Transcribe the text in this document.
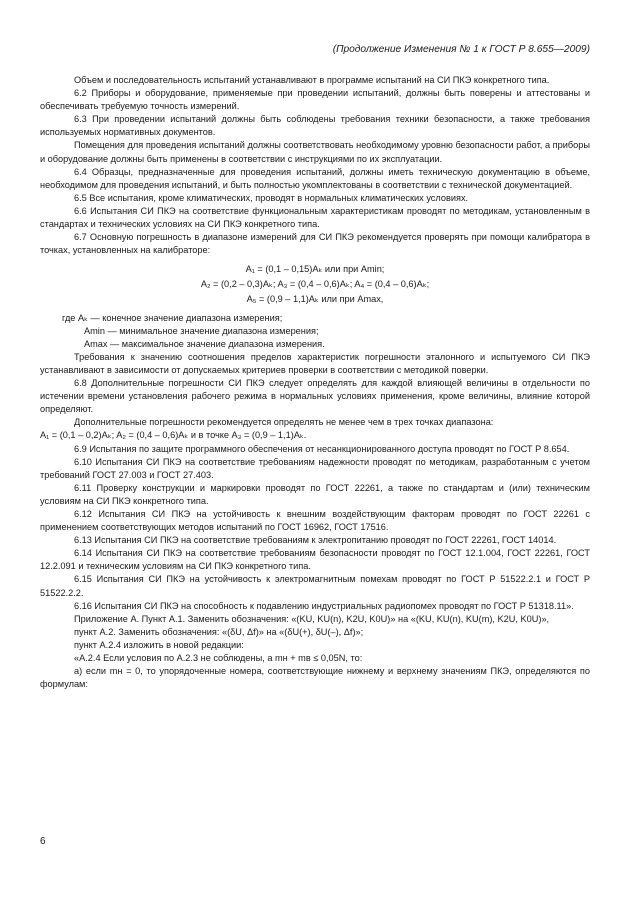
(Продолжение Изменения № 1 к ГОСТ Р 8.655—2009)

Объем и последовательность испытаний устанавливают в программе испытаний на СИ ПКЭ конкретного типа.

6.2 Приборы и оборудование, применяемые при проведении испытаний, должны быть поверены и аттестованы и обеспечивать требуемую точность измерений.

6.3 При проведении испытаний должны быть соблюдены требования техники безопасности, а также требования используемых нормативных документов.

Помещения для проведения испытаний должны соответствовать необходимому уровню безопасности работ, а приборы и оборудование должны быть применены в соответствии с инструкциями по их эксплуатации.

6.4 Образцы, предназначенные для проведения испытаний, должны иметь техническую документацию в объеме, необходимом для проведения испытаний, и быть полностью укомплектованы в соответствии с технической документацией.

6.5 Все испытания, кроме климатических, проводят в нормальных климатических условиях.

6.6 Испытания СИ ПКЭ на соответствие функциональным характеристикам проводят по методикам, установленным в стандартах и технических условиях на СИ ПКЭ конкретного типа.

6.7 Основную погрешность в диапазоне измерений для СИ ПКЭ рекомендуется проверять при помощи калибратора в точках, установленных на калибраторе:

A₁ = (0,1 – 0,15)Aₖ или при Amin;

A₂ = (0,2 – 0,3)Aₖ; A₃ = (0,4 – 0,6)Aₖ; A₄ = (0,4 – 0,6)Aₖ;

A₅ = (0,9 – 1,1)Aₖ или при Amax,

где Aₖ — конечное значение диапазона измерения;

Amin — минимальное значение диапазона измерения;

Amax — максимальное значение диапазона измерения.

Требования к значению соотношения пределов характеристик погрешности эталонного и испытуемого СИ ПКЭ устанавливают в зависимости от допускаемых критериев проверки в соответствии с методикой поверки.

6.8 Дополнительные погрешности СИ ПКЭ следует определять для каждой влияющей величины в отдельности по истечении времени установления рабочего режима в нормальных условиях применения, кроме величины, влияние которой определяют.

Дополнительные погрешности рекомендуется определять не менее чем в трех точках диапазона:

A₁ = (0,1 – 0,2)Aₖ; A₂ = (0,4 – 0,6)Aₖ и в точке A₃ = (0,9 – 1,1)Aₖ.

6.9 Испытания по защите программного обеспечения от несанкционированного доступа проводят по ГОСТ Р 8.654.

6.10 Испытания СИ ПКЭ на соответствие требованиям надежности проводят по методикам, разработанным с учетом требований ГОСТ 27.003 и ГОСТ 27.403.

6.11 Проверку конструкции и маркировки проводят по ГОСТ 22261, а также по стандартам и (или) техническим условиям на СИ ПКЭ конкретного типа.

6.12 Испытания СИ ПКЭ на устойчивость к внешним воздействующим факторам проводят по ГОСТ 22261 с применением соответствующих методов испытаний по ГОСТ 16962, ГОСТ 17516.

6.13 Испытания СИ ПКЭ на соответствие требованиям к электропитанию проводят по ГОСТ 22261, ГОСТ 14014.

6.14 Испытания СИ ПКЭ на соответствие требованиям безопасности проводят по ГОСТ 12.1.004, ГОСТ 22261, ГОСТ 12.2.091 и техническим условиям на СИ ПКЭ конкретного типа.

6.15 Испытания СИ ПКЭ на устойчивость к электромагнитным помехам проводят по ГОСТ Р 51522.2.1 и ГОСТ Р 51522.2.2.

6.16 Испытания СИ ПКЭ на способность к подавлению индустриальных радиопомех проводят по ГОСТ Р 51318.11».

Приложение А. Пункт А.1. Заменить обозначения: «(KU, KU(n), K2U, K0U)» на «(KU, KU(n), KU(m), K2U, K0U)»,

пункт А.2. Заменить обозначения: «(δU, Δf)» на «(δU(+), δU(–), Δf)»;

пункт А.2.4 изложить в новой редакции:

«А.2.4 Если условия по А.2.3 не соблюдены, а mн + mв ≤ 0,05N, то:

а) если mн = 0, то упорядоченные номера, соответствующие нижнему и верхнему значениям ПКЭ, определяются по формулам:

6
